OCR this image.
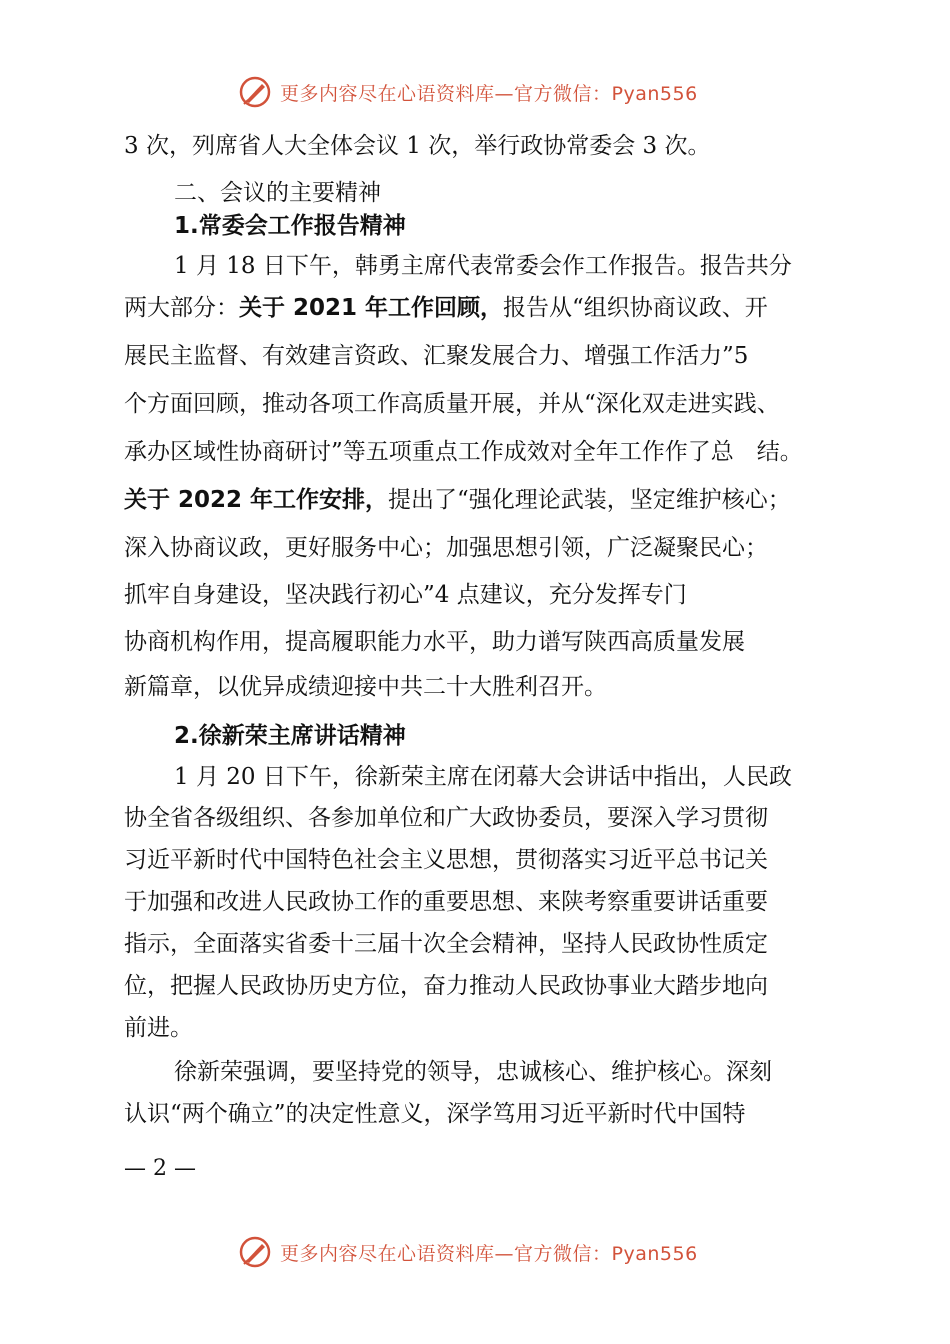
更多内容尽在心语资料库—官方微信：Pyan556
3 次，列席省人大全体会议 1 次，举行政协常委会 3 次。
二、会议的主要精神
1.常委会工作报告精神
1 月 18 日下午，韩勇主席代表常委会作工作报告。报告共分
两大部分：关于 2021 年工作回顾，报告从“组织协商议政、开
展民主监督、有效建言资政、汇聚发展合力、增强工作活力”5
个方面回顾，推动各项工作高质量开展，并从“深化双走进实践、
承办区域性协商研讨”等五项重点工作成效对全年工作作了总　结。
关于 2022 年工作安排，提出了“强化理论武装，坚定维护核心；
深入协商议政，更好服务中心；加强思想引领，广泛凝聚民心；
抓牢自身建设，坚决践行初心”4 点建议，充分发挥专门
协商机构作用，提高履职能力水平，助力谱写陕西高质量发展
新篇章，以优异成绩迎接中共二十大胜利召开。
2.徐新荣主席讲话精神
1 月 20 日下午，徐新荣主席在闭幕大会讲话中指出，人民政
协全省各级组织、各参加单位和广大政协委员，要深入学习贯彻
习近平新时代中国特色社会主义思想，贯彻落实习近平总书记关
于加强和改进人民政协工作的重要思想、来陕考察重要讲话重要
指示，全面落实省委十三届十次全会精神，坚持人民政协性质定
位，把握人民政协历史方位，奋力推动人民政协事业大踏步地向
前进。
徐新荣强调，要坚持党的领导，忠诚核心、维护核心。深刻
认识“两个确立”的决定性意义，深学笃用习近平新时代中国特
— 2 —
更多内容尽在心语资料库—官方微信：Pyan556
